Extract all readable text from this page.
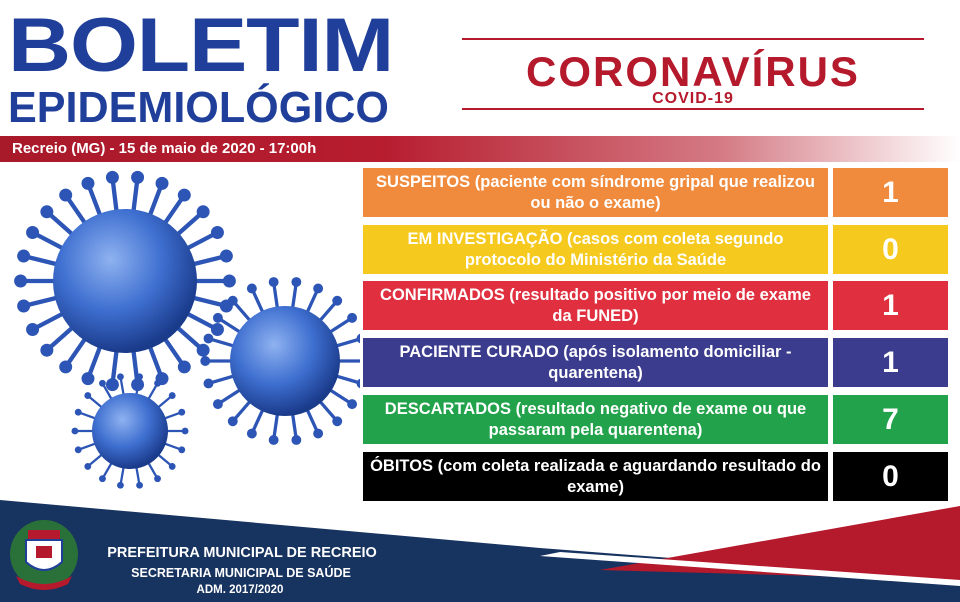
BOLETIM
EPIDEMIOLÓGICO
CORONAVÍRUS
COVID-19
Recreio (MG) - 15 de maio de 2020 - 17:00h
SUSPEITOS (paciente com síndrome gripal que realizou ou não o exame)	1
EM INVESTIGAÇÃO (casos com coleta segundo protocolo do Ministério da Saúde	0
CONFIRMADOS (resultado positivo por meio de exame da FUNED)	1
PACIENTE CURADO (após isolamento domiciliar - quarentena)	1
DESCARTADOS (resultado negativo de exame ou que passaram pela quarentena)	7
ÓBITOS (com coleta realizada e aguardando resultado do exame)	0
PREFEITURA MUNICIPAL DE RECREIO
SECRETARIA MUNICIPAL DE SAÚDE
ADM. 2017/2020
